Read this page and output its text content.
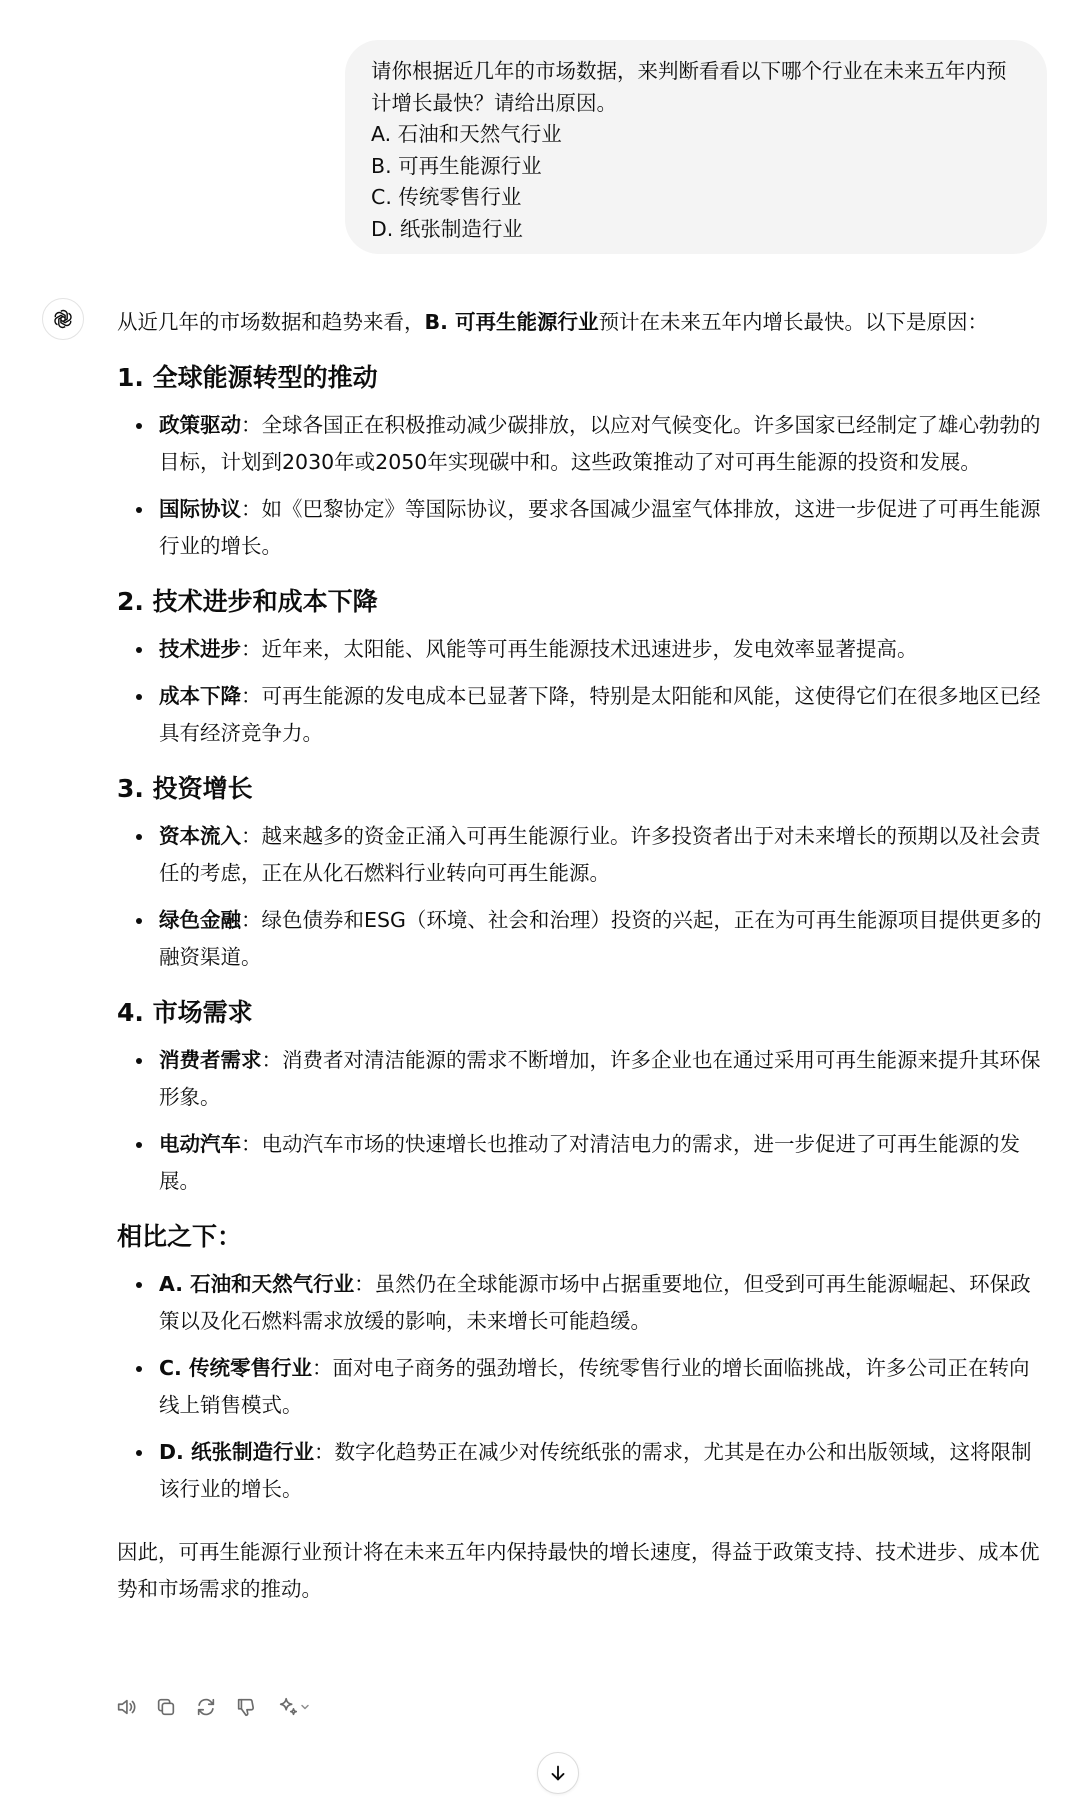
请你根据近几年的市场数据，来判断看看以下哪个行业在未来五年内预
计增长最快？请给出原因。
A. 石油和天然气行业
B. 可再生能源行业
C. 传统零售行业
D. 纸张制造行业

从近几年的市场数据和趋势来看，B. 可再生能源行业预计在未来五年内增长最快。以下是原因：

1. 全球能源转型的推动
政策驱动：全球各国正在积极推动减少碳排放，以应对气候变化。许多国家已经制定了雄心勃勃的目标，计划到2030年或2050年实现碳中和。这些政策推动了对可再生能源的投资和发展。
国际协议：如《巴黎协定》等国际协议，要求各国减少温室气体排放，这进一步促进了可再生能源行业的增长。
2. 技术进步和成本下降
技术进步：近年来，太阳能、风能等可再生能源技术迅速进步，发电效率显著提高。
成本下降：可再生能源的发电成本已显著下降，特别是太阳能和风能，这使得它们在很多地区已经具有经济竞争力。
3. 投资增长
资本流入：越来越多的资金正涌入可再生能源行业。许多投资者出于对未来增长的预期以及社会责任的考虑，正在从化石燃料行业转向可再生能源。
绿色金融：绿色债券和ESG（环境、社会和治理）投资的兴起，正在为可再生能源项目提供更多的融资渠道。
4. 市场需求
消费者需求：消费者对清洁能源的需求不断增加，许多企业也在通过采用可再生能源来提升其环保形象。
电动汽车：电动汽车市场的快速增长也推动了对清洁电力的需求，进一步促进了可再生能源的发展。
相比之下：
A. 石油和天然气行业：虽然仍在全球能源市场中占据重要地位，但受到可再生能源崛起、环保政策以及化石燃料需求放缓的影响，未来增长可能趋缓。
C. 传统零售行业：面对电子商务的强劲增长，传统零售行业的增长面临挑战，许多公司正在转向线上销售模式。
D. 纸张制造行业：数字化趋势正在减少对传统纸张的需求，尤其是在办公和出版领域，这将限制该行业的增长。

因此，可再生能源行业预计将在未来五年内保持最快的增长速度，得益于政策支持、技术进步、成本优势和市场需求的推动。
